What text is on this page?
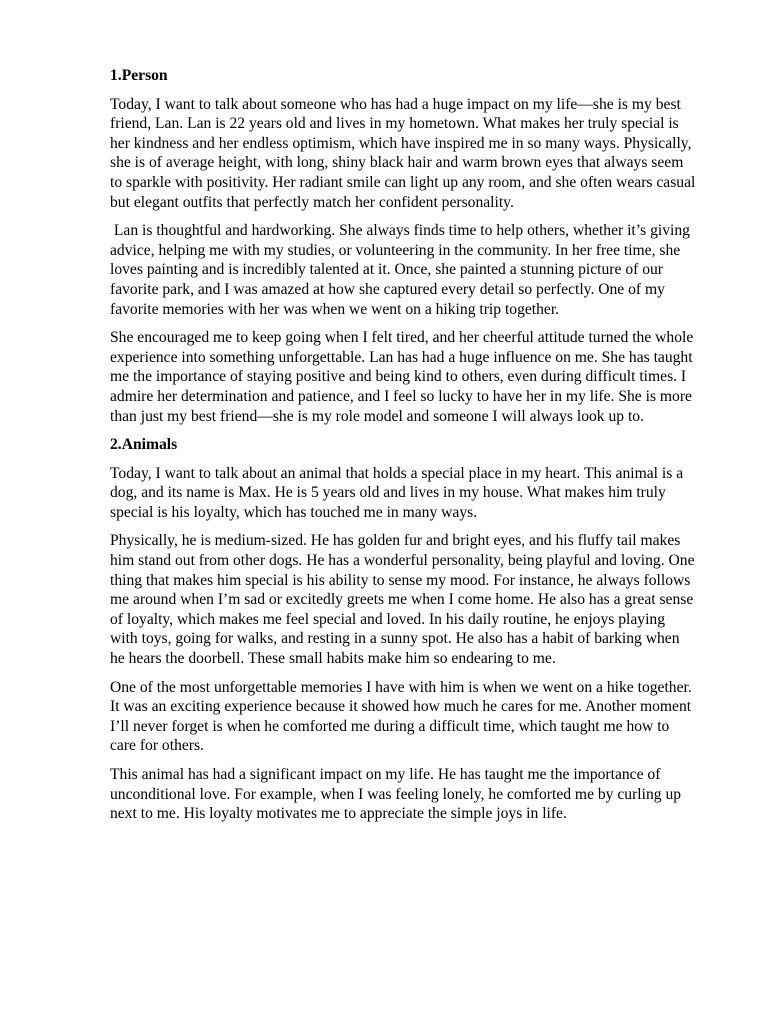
1.Person

Today, I want to talk about someone who has had a huge impact on my life—she is my best friend, Lan. Lan is 22 years old and lives in my hometown. What makes her truly special is her kindness and her endless optimism, which have inspired me in so many ways. Physically, she is of average height, with long, shiny black hair and warm brown eyes that always seem to sparkle with positivity. Her radiant smile can light up any room, and she often wears casual but elegant outfits that perfectly match her confident personality.

Lan is thoughtful and hardworking. She always finds time to help others, whether it’s giving advice, helping me with my studies, or volunteering in the community. In her free time, she loves painting and is incredibly talented at it. Once, she painted a stunning picture of our favorite park, and I was amazed at how she captured every detail so perfectly. One of my favorite memories with her was when we went on a hiking trip together.

She encouraged me to keep going when I felt tired, and her cheerful attitude turned the whole experience into something unforgettable. Lan has had a huge influence on me. She has taught me the importance of staying positive and being kind to others, even during difficult times. I admire her determination and patience, and I feel so lucky to have her in my life. She is more than just my best friend—she is my role model and someone I will always look up to.

2.Animals

Today, I want to talk about an animal that holds a special place in my heart. This animal is a dog, and its name is Max. He is 5 years old and lives in my house. What makes him truly special is his loyalty, which has touched me in many ways.

Physically, he is medium-sized. He has golden fur and bright eyes, and his fluffy tail makes him stand out from other dogs. He has a wonderful personality, being playful and loving. One thing that makes him special is his ability to sense my mood. For instance, he always follows me around when I’m sad or excitedly greets me when I come home. He also has a great sense of loyalty, which makes me feel special and loved. In his daily routine, he enjoys playing with toys, going for walks, and resting in a sunny spot. He also has a habit of barking when he hears the doorbell. These small habits make him so endearing to me.

One of the most unforgettable memories I have with him is when we went on a hike together. It was an exciting experience because it showed how much he cares for me. Another moment I’ll never forget is when he comforted me during a difficult time, which taught me how to care for others.

This animal has had a significant impact on my life. He has taught me the importance of unconditional love. For example, when I was feeling lonely, he comforted me by curling up next to me. His loyalty motivates me to appreciate the simple joys in life.
